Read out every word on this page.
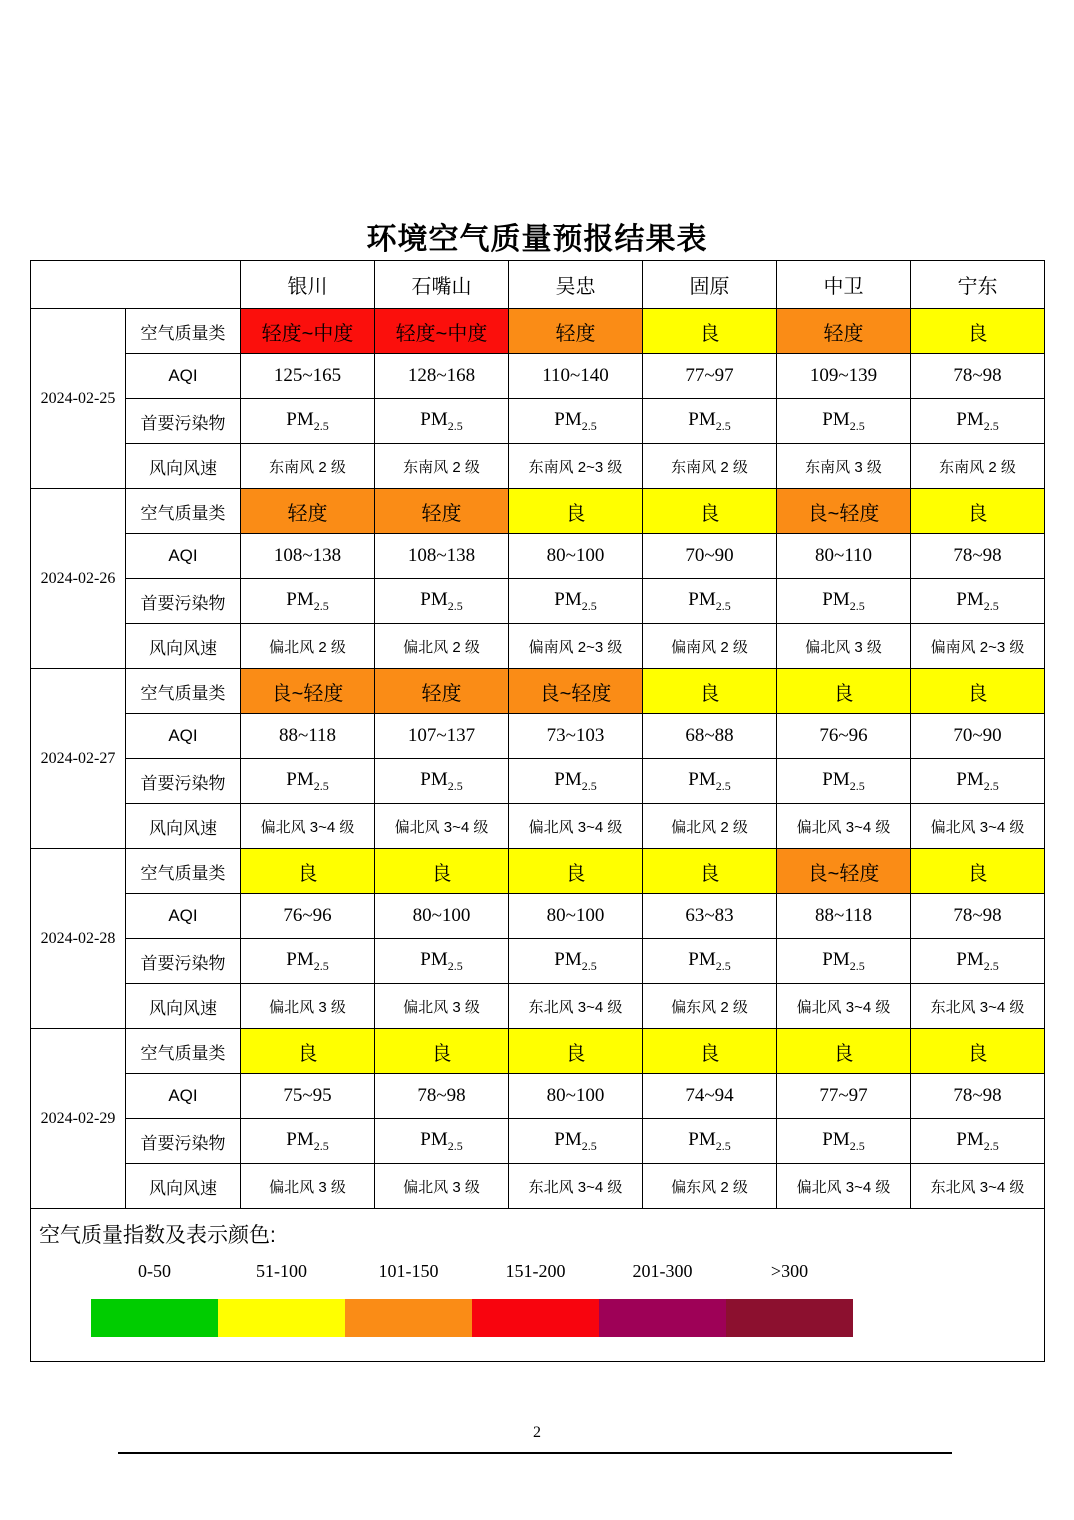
环境空气质量预报结果表
		银川	石嘴山	吴忠	固原	中卫	宁东
2024-02-25	空气质量类	轻度~中度	轻度~中度	轻度	良	轻度	良
	AQI	125~165	128~168	110~140	77~97	109~139	78~98
	首要污染物	$PM_{2.5}$	$PM_{2.5}$	$PM_{2.5}$	$PM_{2.5}$	$PM_{2.5}$	$PM_{2.5}$
	风向风速	东南风 2 级	东南风 2 级	东南风 2~3 级	东南风 2 级	东南风 3 级	东南风 2 级
2024-02-26	空气质量类	轻度	轻度	良	良	良~轻度	良
	AQI	108~138	108~138	80~100	70~90	80~110	78~98
	首要污染物	$PM_{2.5}$	$PM_{2.5}$	$PM_{2.5}$	$PM_{2.5}$	$PM_{2.5}$	$PM_{2.5}$
	风向风速	偏北风 2 级	偏北风 2 级	偏南风 2~3 级	偏南风 2 级	偏北风 3 级	偏南风 2~3 级
2024-02-27	空气质量类	良~轻度	轻度	良~轻度	良	良	良
	AQI	88~118	107~137	73~103	68~88	76~96	70~90
	首要污染物	$PM_{2.5}$	$PM_{2.5}$	$PM_{2.5}$	$PM_{2.5}$	$PM_{2.5}$	$PM_{2.5}$
	风向风速	偏北风 3~4 级	偏北风 3~4 级	偏北风 3~4 级	偏北风 2 级	偏北风 3~4 级	偏北风 3~4 级
2024-02-28	空气质量类	良	良	良	良	良~轻度	良
	AQI	76~96	80~100	80~100	63~83	88~118	78~98
	首要污染物	$PM_{2.5}$	$PM_{2.5}$	$PM_{2.5}$	$PM_{2.5}$	$PM_{2.5}$	$PM_{2.5}$
	风向风速	偏北风 3 级	偏北风 3 级	东北风 3~4 级	偏东风 2 级	偏北风 3~4 级	东北风 3~4 级
2024-02-29	空气质量类	良	良	良	良	良	良
	AQI	75~95	78~98	80~100	74~94	77~97	78~98
	首要污染物	$PM_{2.5}$	$PM_{2.5}$	$PM_{2.5}$	$PM_{2.5}$	$PM_{2.5}$	$PM_{2.5}$
	风向风速	偏北风 3 级	偏北风 3 级	东北风 3~4 级	偏东风 2 级	偏北风 3~4 级	东北风 3~4 级

空气质量指数及表示颜色:
0-50 51-100 101-150 151-200 201-300 >300							
2
